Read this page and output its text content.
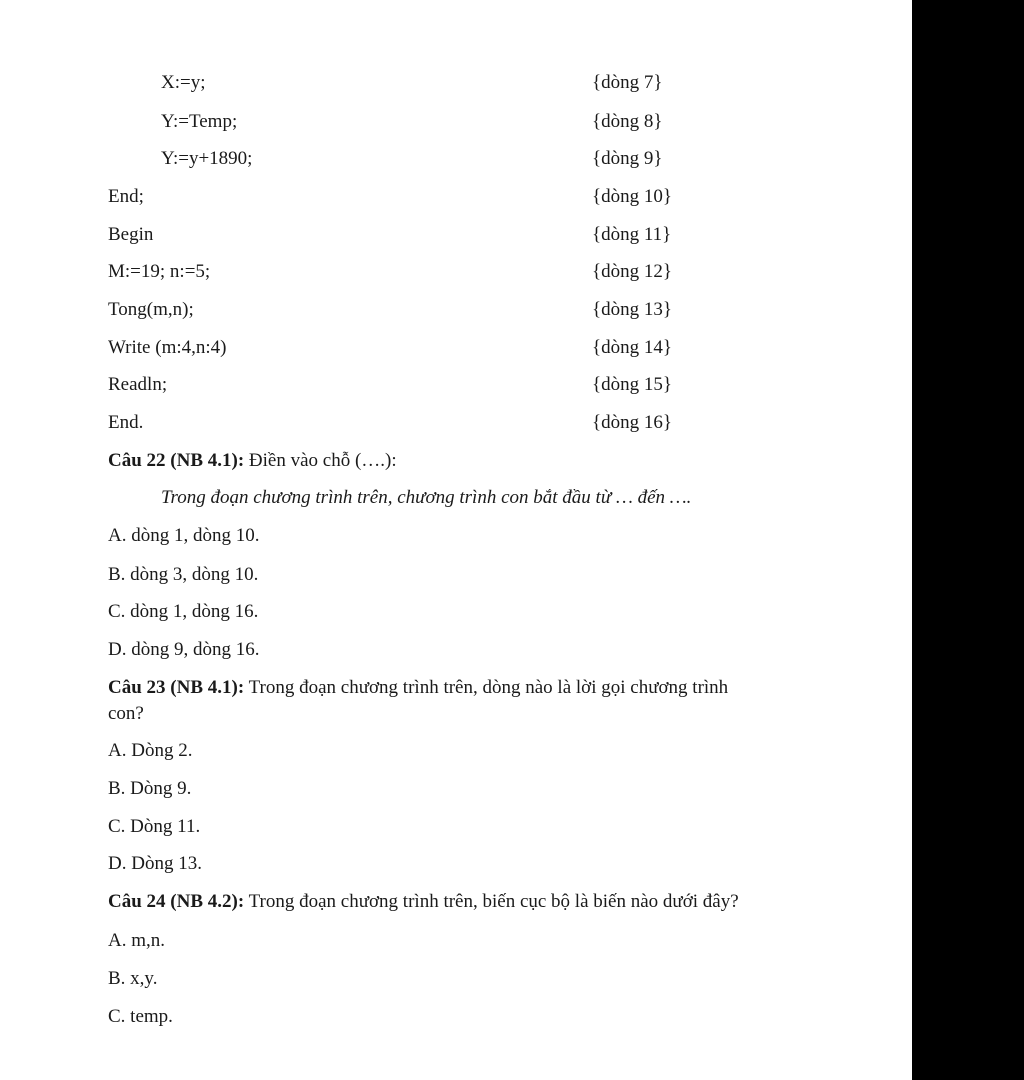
X:=y;	{dòng 7}
Y:=Temp;	{dòng 8}
Y:=y+1890;	{dòng 9}
End;	{dòng 10}
Begin	{dòng 11}
M:=19; n:=5;	{dòng 12}
Tong(m,n);	{dòng 13}
Write (m:4,n:4)	{dòng 14}
Readln;	{dòng 15}
End.	{dòng 16}
Câu 22 (NB 4.1): Điền vào chỗ (….):
Trong đoạn chương trình trên, chương trình con bắt đầu từ … đến ….
A. dòng 1, dòng 10.
B. dòng 3, dòng 10.
C. dòng 1, dòng 16.
D. dòng 9, dòng 16.
Câu 23 (NB 4.1): Trong đoạn chương trình trên, dòng nào là lời gọi chương trình
con?
A. Dòng 2.
B. Dòng 9.
C. Dòng 11.
D. Dòng 13.
Câu 24 (NB 4.2): Trong đoạn chương trình trên, biến cục bộ là biến nào dưới đây?
A. m,n.
B. x,y.
C. temp.
